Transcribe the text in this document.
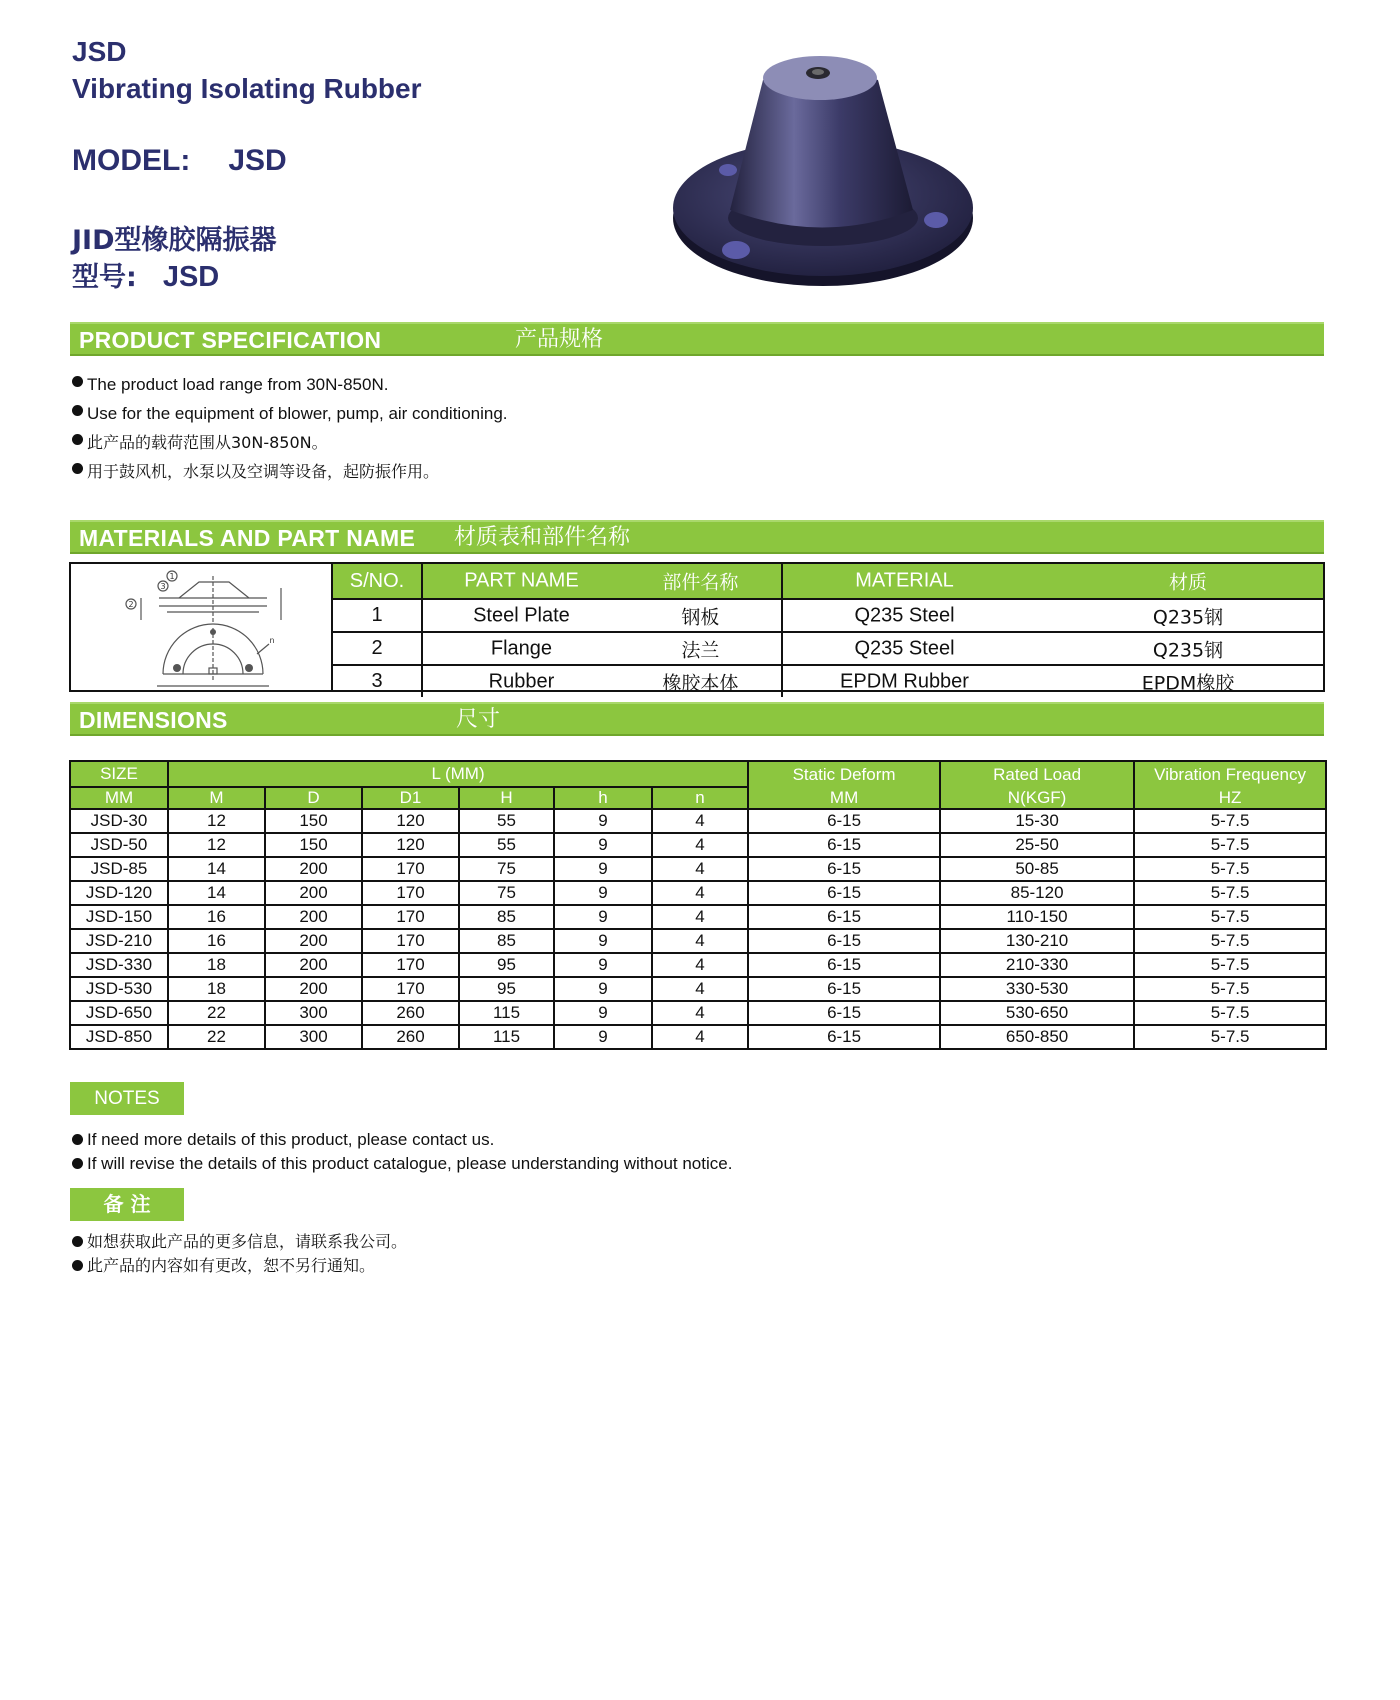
JSD
Vibrating Isolating Rubber
MODEL: JSD
JID型橡胶隔振器
型号: JSD
PRODUCT SPECIFICATION	产品规格
The product load range from 30N-850N.
Use for the equipment of blower, pump, air conditioning.
此产品的载荷范围从30N-850N。
用于鼓风机，水泵以及空调等设备，起防振作用。
MATERIALS AND PART NAME 材质表和部件名称
1
2
3
n
S/NO.	PART NAME 部件名称	MATERIAL 材质

1	Steel Plate 钢板	Q235 Steel Q235钢

2	Flange 法兰	Q235 Steel Q235钢

3	Rubber 橡胶本体	EPDM Rubber EPDM橡胶
DIMENSIONS	尺寸
SIZE	L (MM)						Static Deform	Rated Load	Vibration Frequency
MM	M	D	D1	H	h	n	MM	N(KGF)	HZ
JSD-30	12	150	120	55	9	4	6-15	15-30	5-7.5
JSD-50	12	150	120	55	9	4	6-15	25-50	5-7.5
JSD-85	14	200	170	75	9	4	6-15	50-85	5-7.5
JSD-120	14	200	170	75	9	4	6-15	85-120	5-7.5
JSD-150	16	200	170	85	9	4	6-15	110-150	5-7.5
JSD-210	16	200	170	85	9	4	6-15	130-210	5-7.5
JSD-330	18	200	170	95	9	4	6-15	210-330	5-7.5
JSD-530	18	200	170	95	9	4	6-15	330-530	5-7.5
JSD-650	22	300	260	115	9	4	6-15	530-650	5-7.5
JSD-850	22	300	260	115	9	4	6-15	650-850	5-7.5
NOTES
If need more details of this product, please contact us.
If will revise the details of this product catalogue, please understanding without notice.
备 注
如想获取此产品的更多信息，请联系我公司。
此产品的内容如有更改，恕不另行通知。
